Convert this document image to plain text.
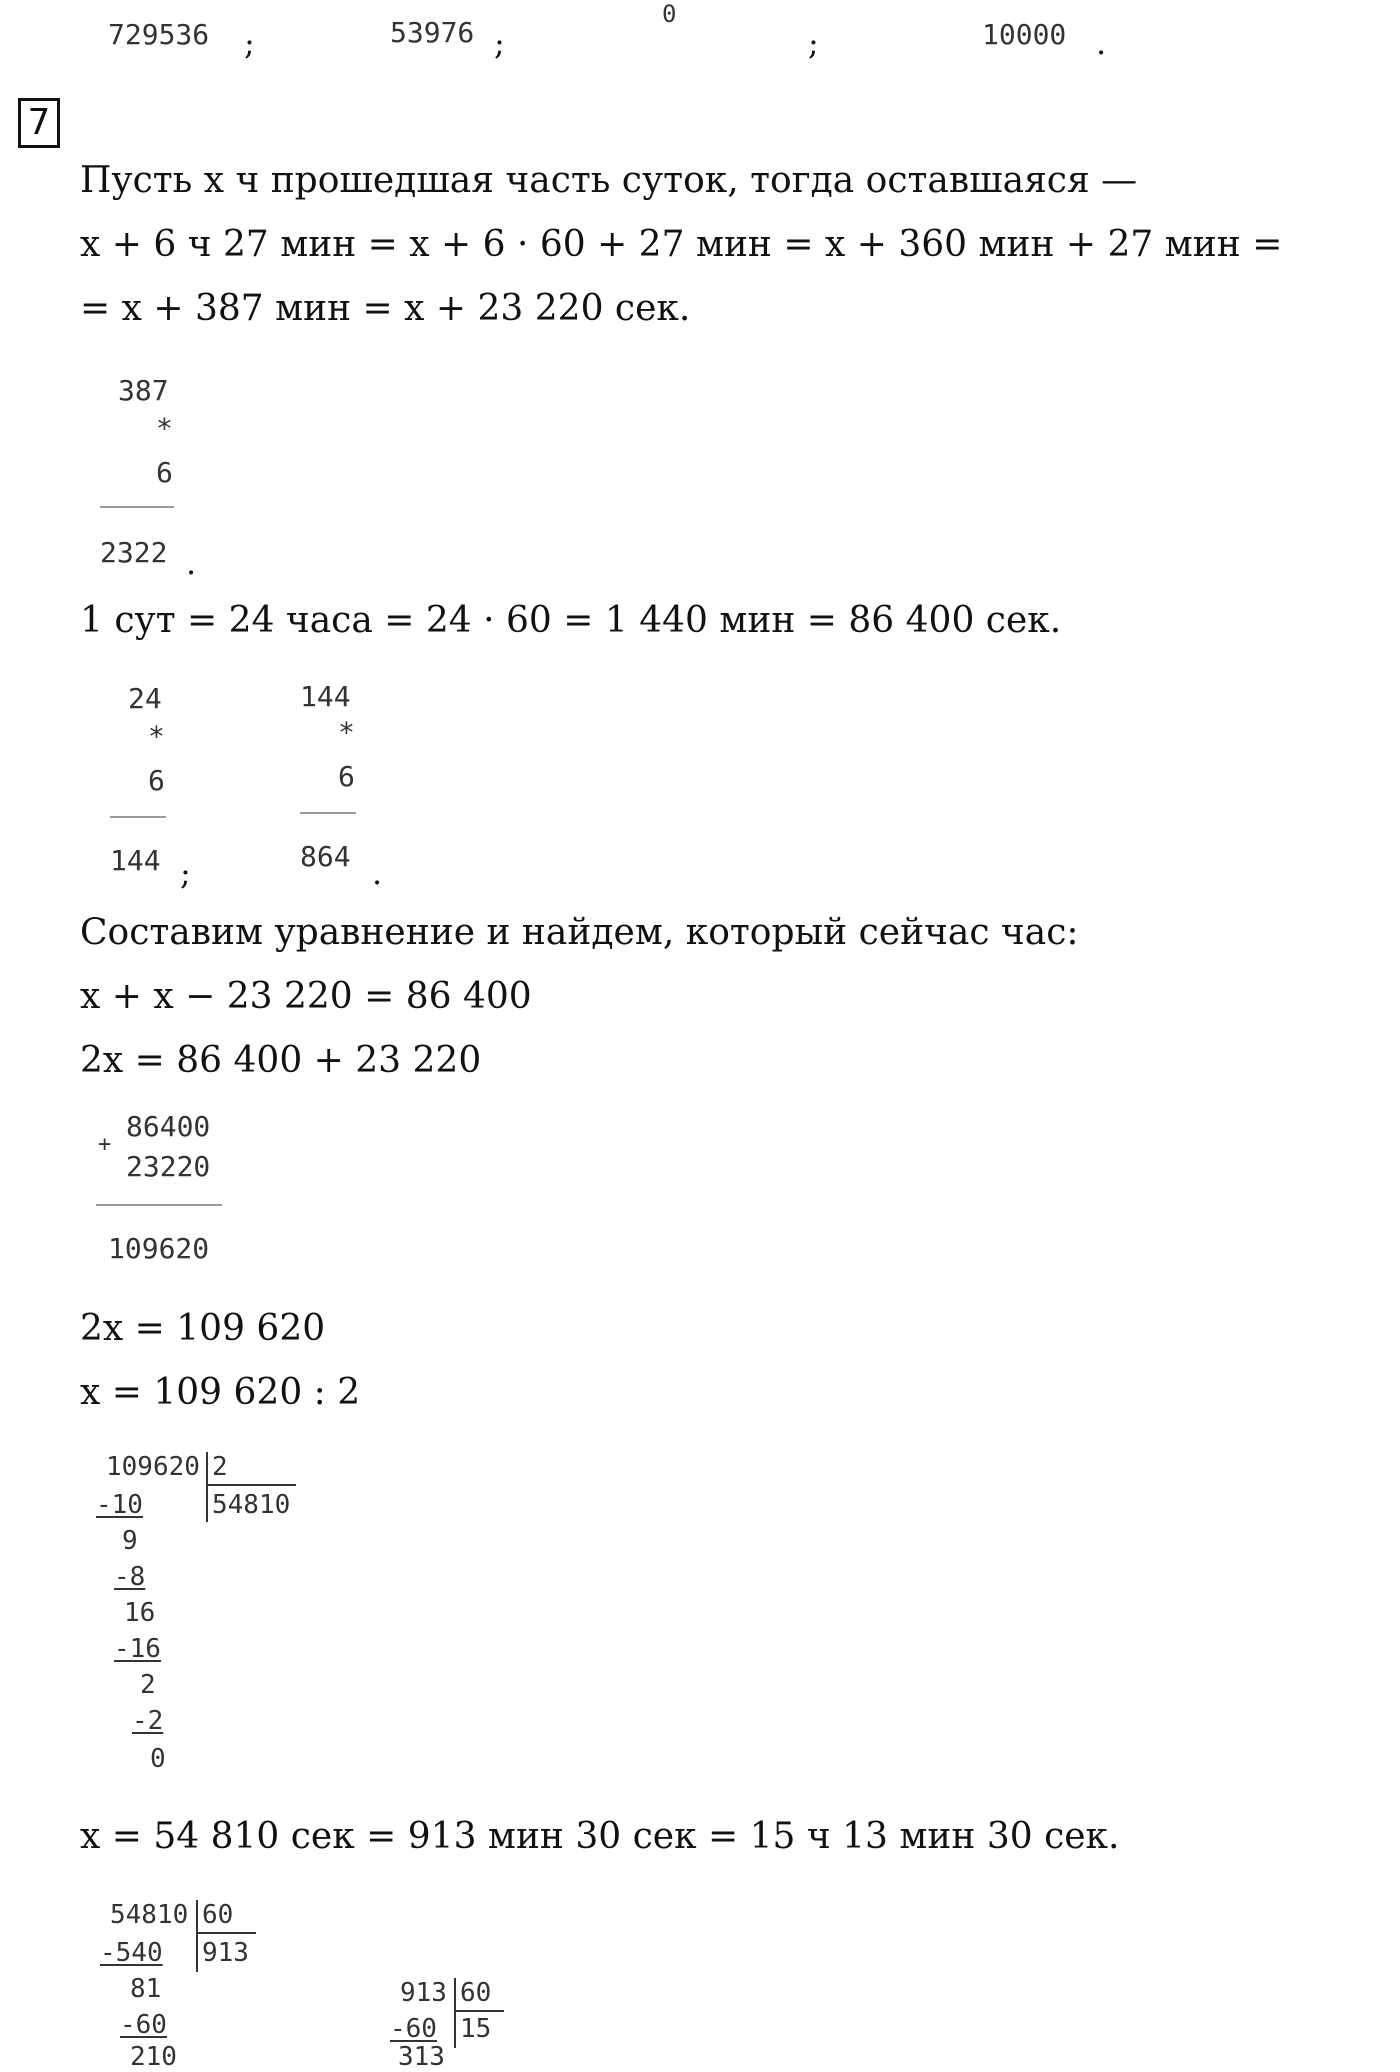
729536 ;	53976 ;
0
;	10000 .
7
Пусть x ч прошедшая часть суток, тогда оставшаяся —
x + 6 ч 27 мин = x + 6 · 60 + 27 мин = x + 360 мин + 27 мин =
= x + 387 мин = x + 23 220 сек.
387
*
6
2322 .
1 сут = 24 часа = 24 · 60 = 1 440 мин = 86 400 сек.
24
*
6
144 ;
144
*
6
864 .
Составим уравнение и найдем, который сейчас час:
x + x − 23 220 = 86 400
2x = 86 400 + 23 220
+
86400
23220
109620
2x = 109 620
x = 109 620 : 2
109620 2
54810
-10
9
-8
16
-16
2
-2
0
x = 54 810 сек = 913 мин 30 сек = 15 ч 13 мин 30 сек.
54810 60
913
-540
81
-60
210
913 60
15
-60
313
